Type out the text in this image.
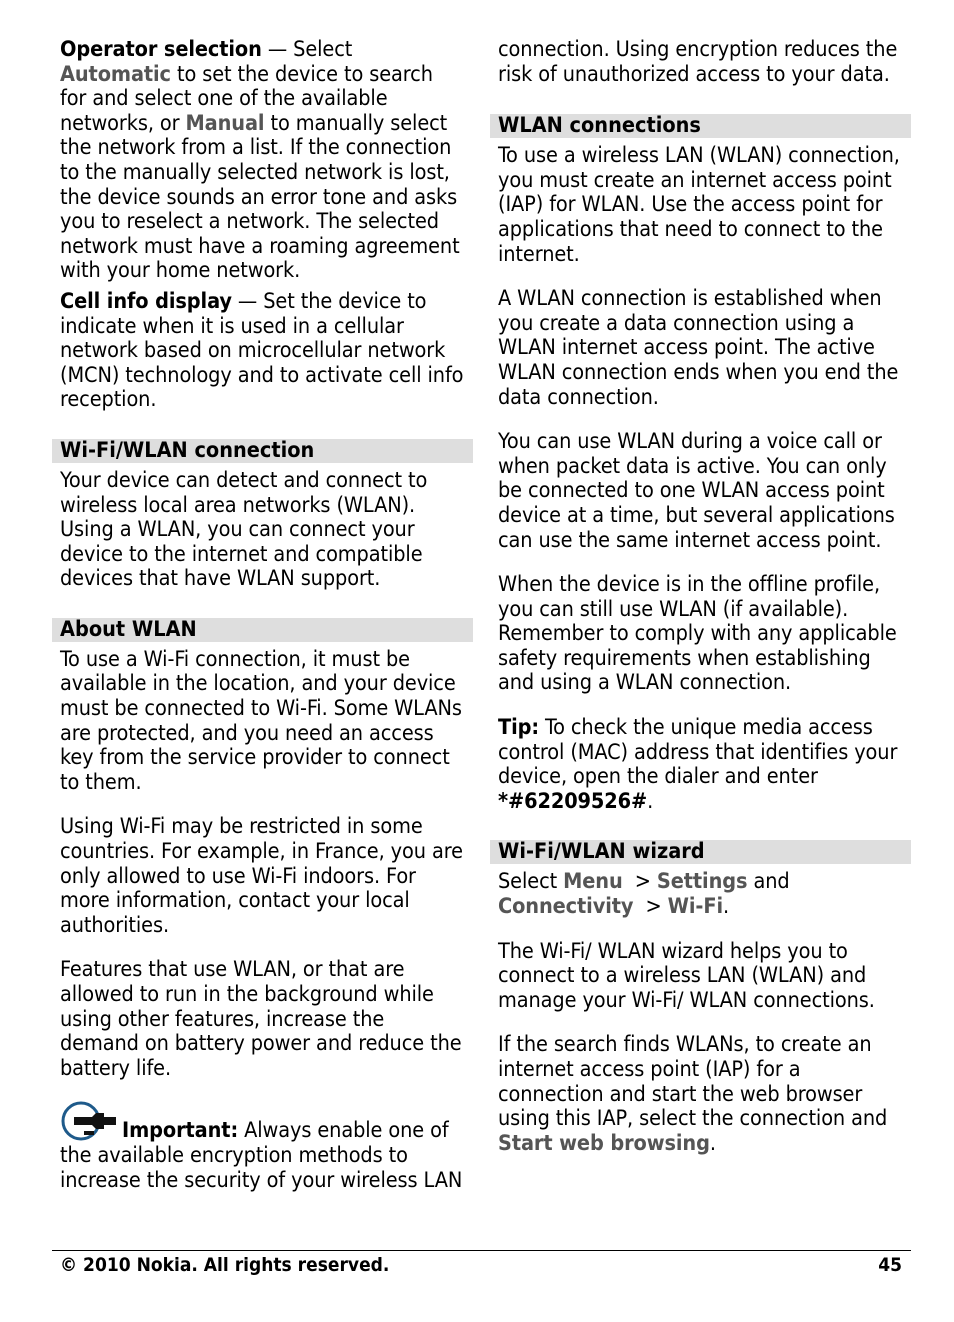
Operator selection — Select Automatic to set the device to search for and select one of the available networks, or Manual to manually select the network from a list. If the connection to the manually selected network is lost, the device sounds an error tone and asks you to reselect a network. The selected network must have a roaming agreement with your home network.

Cell info display — Set the device to indicate when it is used in a cellular network based on microcellular network (MCN) technology and to activate cell info reception.

Wi-Fi/WLAN connection

Your device can detect and connect to wireless local area networks (WLAN). Using a WLAN, you can connect your device to the internet and compatible devices that have WLAN support.

About WLAN

To use a Wi-Fi connection, it must be available in the location, and your device must be connected to Wi-Fi. Some WLANs are protected, and you need an access key from the service provider to connect to them.

Using Wi-Fi may be restricted in some countries. For example, in France, you are only allowed to use Wi-Fi indoors. For more information, contact your local authorities.

Features that use WLAN, or that are allowed to run in the background while using other features, increase the demand on battery power and reduce the battery life.

Important: Always enable one of the available encryption methods to increase the security of your wireless LAN

connection. Using encryption reduces the risk of unauthorized access to your data.

WLAN connections

To use a wireless LAN (WLAN) connection, you must create an internet access point (IAP) for WLAN. Use the access point for applications that need to connect to the internet.

A WLAN connection is established when you create a data connection using a WLAN internet access point. The active WLAN connection ends when you end the data connection.

You can use WLAN during a voice call or when packet data is active. You can only be connected to one WLAN access point device at a time, but several applications can use the same internet access point.

When the device is in the offline profile, you can still use WLAN (if available). Remember to comply with any applicable safety requirements when establishing and using a WLAN connection.

Tip: To check the unique media access control (MAC) address that identifies your device, open the dialer and enter *#62209526#.

Wi-Fi/WLAN wizard

Select Menu  > Settings and Connectivity  > Wi-Fi.

The Wi-Fi/ WLAN wizard helps you to connect to a wireless LAN (WLAN) and manage your Wi-Fi/ WLAN connections.

If the search finds WLANs, to create an internet access point (IAP) for a connection and start the web browser using this IAP, select the connection and Start web browsing.

© 2010 Nokia. All rights reserved.	45
